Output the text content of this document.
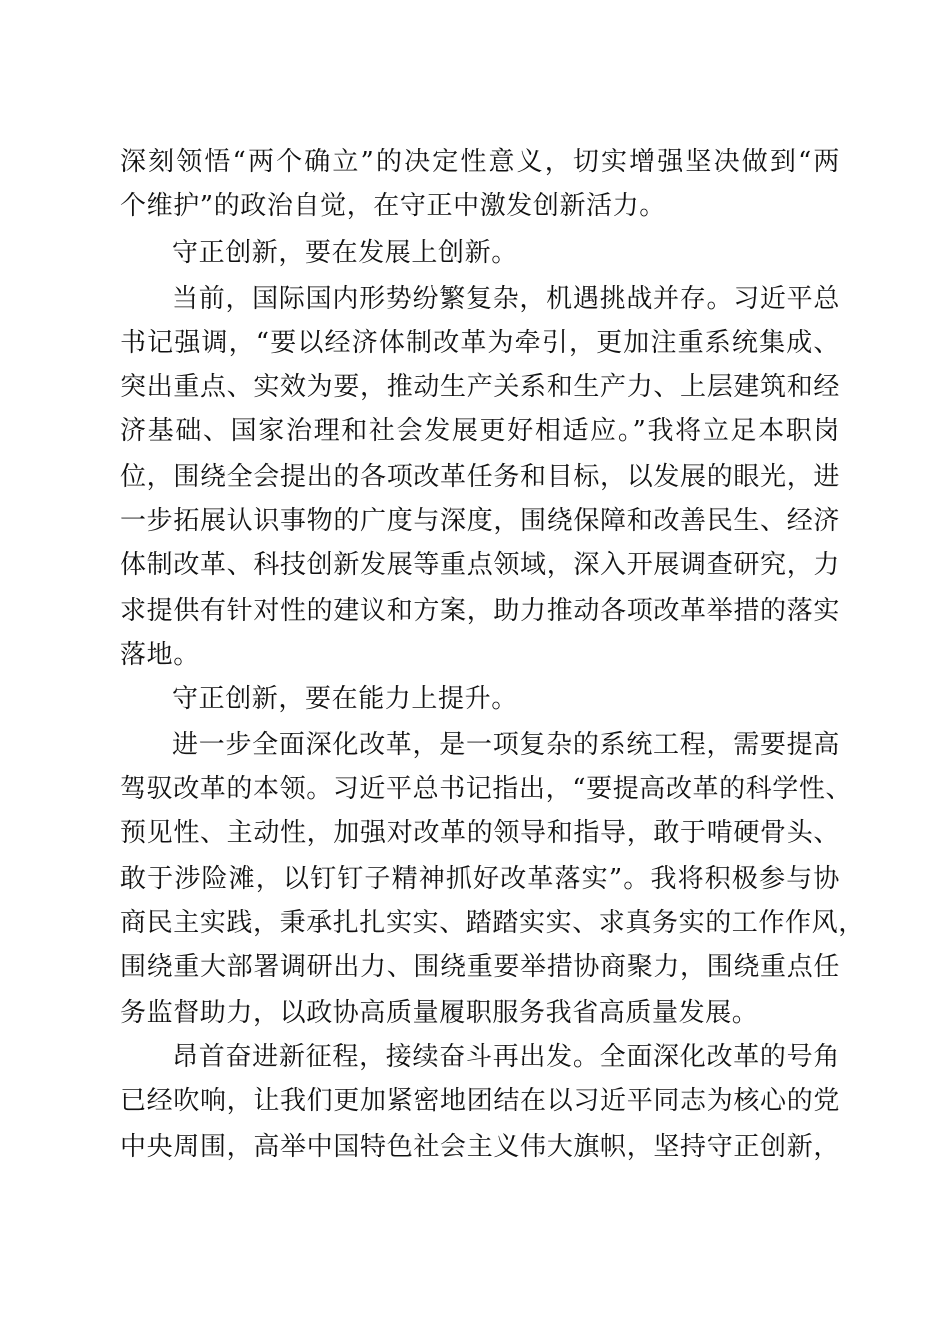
深刻领悟“两个确立”的决定性意义，切实增强坚决做到“两
个维护”的政治自觉，在守正中激发创新活力。
守正创新，要在发展上创新。
当前，国际国内形势纷繁复杂，机遇挑战并存。习近平总
书记强调，“要以经济体制改革为牵引，更加注重系统集成、
突出重点、实效为要，推动生产关系和生产力、上层建筑和经
济基础、国家治理和社会发展更好相适应。”我将立足本职岗
位，围绕全会提出的各项改革任务和目标，以发展的眼光，进
一步拓展认识事物的广度与深度，围绕保障和改善民生、经济
体制改革、科技创新发展等重点领域，深入开展调查研究，力
求提供有针对性的建议和方案，助力推动各项改革举措的落实
落地。
守正创新，要在能力上提升。
进一步全面深化改革，是一项复杂的系统工程，需要提高
驾驭改革的本领。习近平总书记指出，“要提高改革的科学性、
预见性、主动性，加强对改革的领导和指导，敢于啃硬骨头、
敢于涉险滩，以钉钉子精神抓好改革落实”。我将积极参与协
商民主实践，秉承扎扎实实、踏踏实实、求真务实的工作作风，
围绕重大部署调研出力、围绕重要举措协商聚力，围绕重点任
务监督助力，以政协高质量履职服务我省高质量发展。
昂首奋进新征程，接续奋斗再出发。全面深化改革的号角
已经吹响，让我们更加紧密地团结在以习近平同志为核心的党
中央周围，高举中国特色社会主义伟大旗帜，坚持守正创新，
